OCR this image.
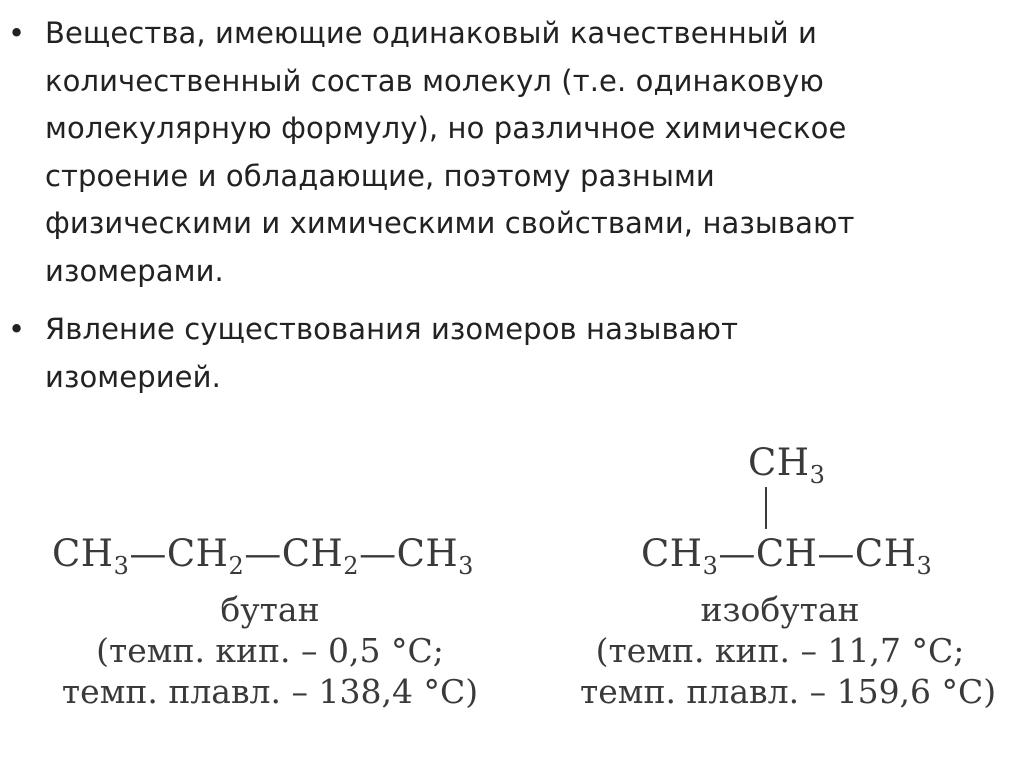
• Вещества, имеющие одинаковый качественный и
количественный состав молекул (т.е. одинаковую
молекулярную формулу), но различное химическое
строение и обладающие, поэтому разными
физическими и химическими свойствами, называют
изомерами.
• Явление существования изомеров называют
изомерией.
$CH_3—CH_2—CH_2—CH_3$
бутан
(темп. кип. – 0,5 °С;
темп. плавл. – 138,4 °С)
$CH_3$
$CH_3—CH—CH_3$
изобутан
(темп. кип. – 11,7 °С;
темп. плавл. – 159,6 °С)
